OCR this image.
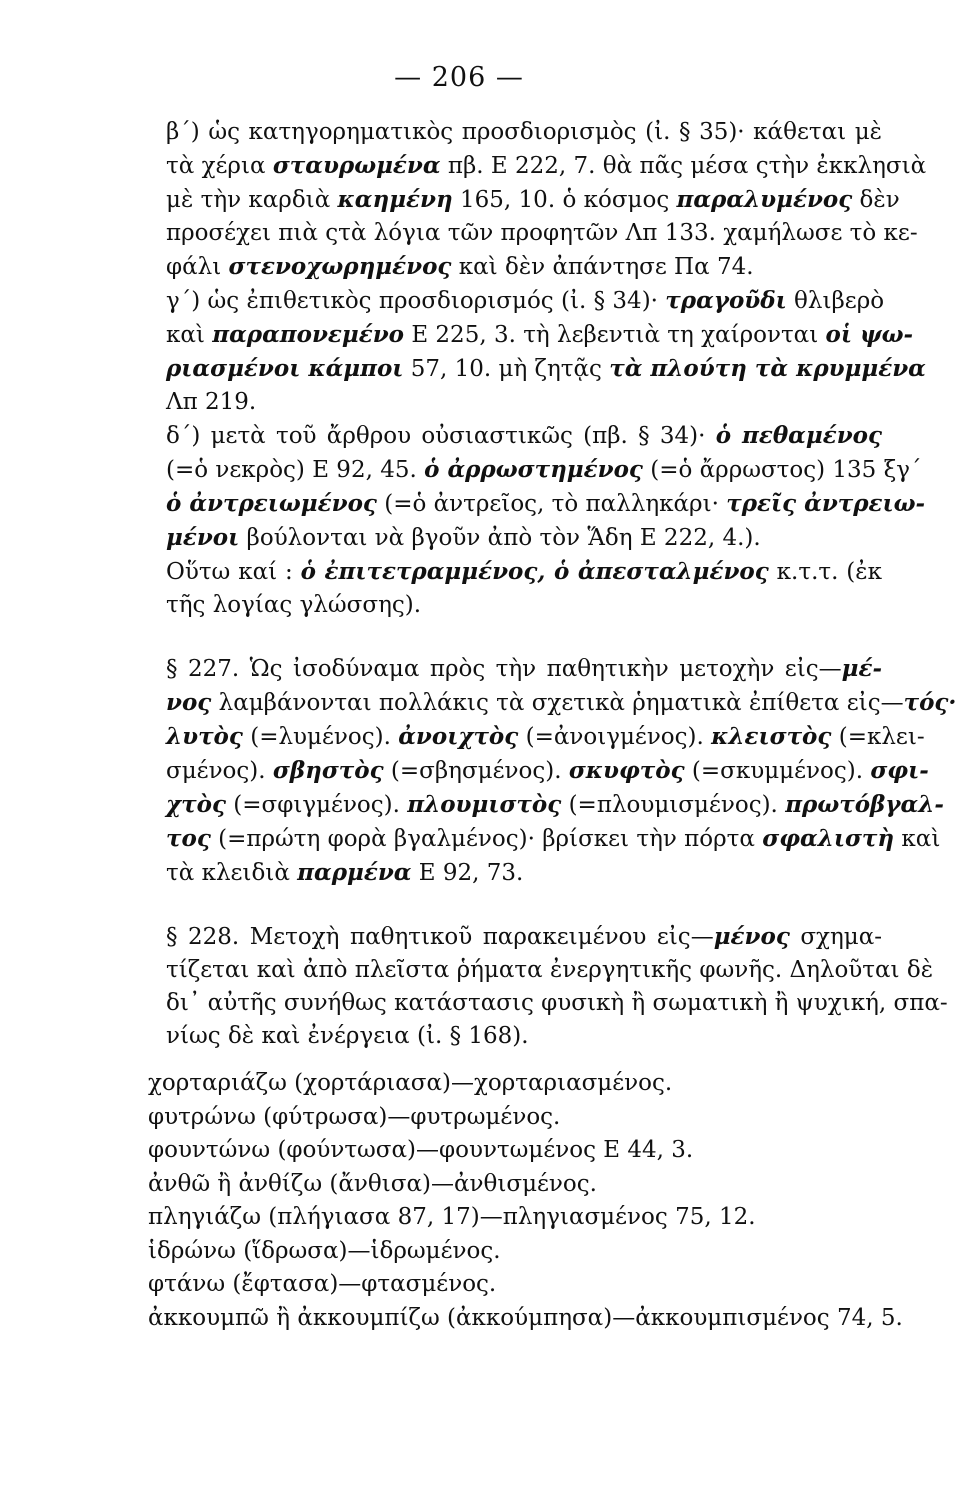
— 206 —
β΄) ὡς κατηγορηματικὸς προσδιορισμὸς (ἰ. § 35)· κάθεται μὲ
τὰ χέρια σταυρωμένα πβ. Ε 222, 7. θὰ πᾶς μέσα ςτὴν ἐκκλησιὰ
μὲ τὴν καρδιὰ καημένη 165, 10. ὁ κόσμος παραλυμένος δὲν
προσέχει πιὰ ςτὰ λόγια τῶν προφητῶν Λπ 133. χαμήλωσε τὸ κε-
φάλι στενοχωρημένος καὶ δὲν ἀπάντησε Πα 74.
γ΄) ὡς ἐπιθετικὸς προσδιορισμός (ἰ. § 34)· τραγοῦδι θλιβερὸ
καὶ παραπονεμένο Ε 225, 3. τὴ λεβεντιὰ τη χαίρονται οἱ ψω-
ριασμένοι κάμποι 57, 10. μὴ ζητᾷς τὰ πλούτη τὰ κρυμμένα
Λπ 219.
δ΄) μετὰ τοῦ ἄρθρου οὐσιαστικῶς (πβ. § 34)· ὁ πεθαμένος
(=ὁ νεκρὸς) Ε 92, 45. ὁ ἀρρωστημένος (=ὁ ἄρρωστος) 135 ξγ΄
ὁ ἀντρειωμένος (=ὁ ἀντρεῖος, τὸ παλληκάρι· τρεῖς ἀντρειω-
μένοι βούλονται νὰ βγοῦν ἀπὸ τὸν Ἅδη Ε 222, 4.).
Οὕτω καί : ὁ ἐπιτετραμμένος, ὁ ἀπεσταλμένος κ.τ.τ. (ἐκ
τῆς λογίας γλώσσης).
§ 227. Ὡς ἰσοδύναμα πρὸς τὴν παθητικὴν μετοχὴν εἰς—μέ-
νος λαμβάνονται πολλάκις τὰ σχετικὰ ῥηματικὰ ἐπίθετα εἰς—τός·
λυτὸς (=λυμένος). ἀνοιχτὸς (=ἀνοιγμένος). κλειστὸς (=κλει-
σμένος). σβηστὸς (=σβησμένος). σκυφτὸς (=σκυμμένος). σφι-
χτὸς (=σφιγμένος). πλουμιστὸς (=πλουμισμένος). πρωτόβγαλ-
τος (=πρώτη φορὰ βγαλμένος)· βρίσκει τὴν πόρτα σφαλιστὴ καὶ
τὰ κλειδιὰ παρμένα Ε 92, 73.
§ 228. Μετοχὴ παθητικοῦ παρακειμένου εἰς—μένος σχημα-
τίζεται καὶ ἀπὸ πλεῖστα ῥήματα ἐνεργητικῆς φωνῆς. Δηλοῦται δὲ
δι᾽ αὐτῆς συνήθως κατάστασις φυσικὴ ἢ σωματικὴ ἢ ψυχική, σπα-
νίως δὲ καὶ ἐνέργεια (ἰ. § 168).
χορταριάζω (χορτάριασα)—χορταριασμένος.
φυτρώνω (φύτρωσα)—φυτρωμένος.
φουντώνω (φούντωσα)—φουντωμένος Ε 44, 3.
ἀνθῶ ἢ ἀνθίζω (ἄνθισα)—ἀνθισμένος.
πληγιάζω (πλήγιασα 87, 17)—πληγιασμένος 75, 12.
ἱδρώνω (ἵδρωσα)—ἱδρωμένος.
φτάνω (ἔφτασα)—φτασμένος.
ἀκκουμπῶ ἢ ἀκκουμπίζω (ἀκκούμπησα)—ἀκκουμπισμένος 74, 5.
